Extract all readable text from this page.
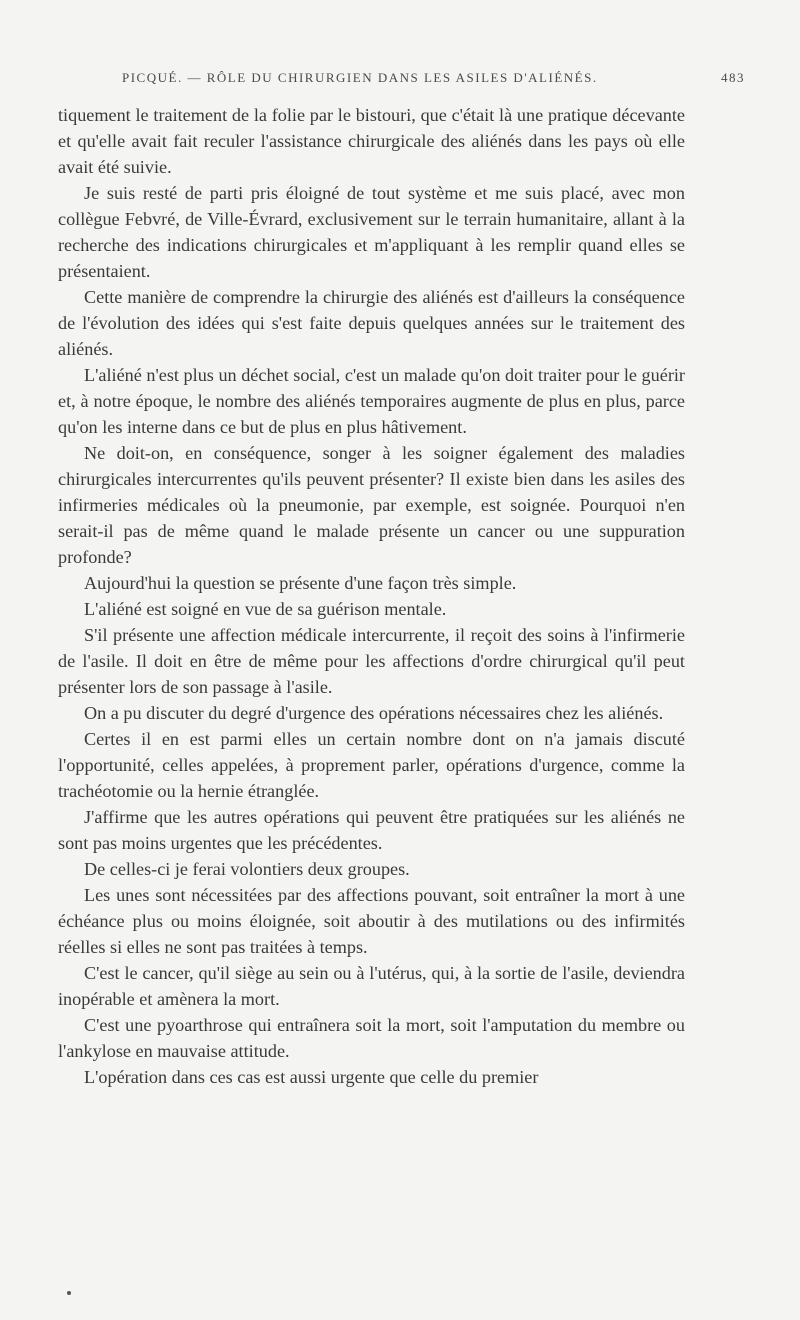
PICQUÉ. — RÔLE DU CHIRURGIEN DANS LES ASILES D'ALIÉNÉS.	483

tiquement le traitement de la folie par le bistouri, que c'était là une pratique décevante et qu'elle avait fait reculer l'assistance chirurgicale des aliénés dans les pays où elle avait été suivie.

Je suis resté de parti pris éloigné de tout système et me suis placé, avec mon collègue Febvré, de Ville-Évrard, exclusivement sur le terrain humanitaire, allant à la recherche des indications chirurgicales et m'appliquant à les remplir quand elles se présentaient.

Cette manière de comprendre la chirurgie des aliénés est d'ailleurs la conséquence de l'évolution des idées qui s'est faite depuis quelques années sur le traitement des aliénés.

L'aliéné n'est plus un déchet social, c'est un malade qu'on doit traiter pour le guérir et, à notre époque, le nombre des aliénés temporaires augmente de plus en plus, parce qu'on les interne dans ce but de plus en plus hâtivement.

Ne doit-on, en conséquence, songer à les soigner également des maladies chirurgicales intercurrentes qu'ils peuvent présenter? Il existe bien dans les asiles des infirmeries médicales où la pneumonie, par exemple, est soignée. Pourquoi n'en serait-il pas de même quand le malade présente un cancer ou une suppuration profonde?

Aujourd'hui la question se présente d'une façon très simple.

L'aliéné est soigné en vue de sa guérison mentale.

S'il présente une affection médicale intercurrente, il reçoit des soins à l'infirmerie de l'asile. Il doit en être de même pour les affections d'ordre chirurgical qu'il peut présenter lors de son passage à l'asile.

On a pu discuter du degré d'urgence des opérations nécessaires chez les aliénés.

Certes il en est parmi elles un certain nombre dont on n'a jamais discuté l'opportunité, celles appelées, à proprement parler, opérations d'urgence, comme la trachéotomie ou la hernie étranglée.

J'affirme que les autres opérations qui peuvent être pratiquées sur les aliénés ne sont pas moins urgentes que les précédentes.

De celles-ci je ferai volontiers deux groupes.

Les unes sont nécessitées par des affections pouvant, soit entraîner la mort à une échéance plus ou moins éloignée, soit aboutir à des mutilations ou des infirmités réelles si elles ne sont pas traitées à temps.

C'est le cancer, qu'il siège au sein ou à l'utérus, qui, à la sortie de l'asile, deviendra inopérable et amènera la mort.

C'est une pyoarthrose qui entraînera soit la mort, soit l'amputation du membre ou l'ankylose en mauvaise attitude.

L'opération dans ces cas est aussi urgente que celle du premier
